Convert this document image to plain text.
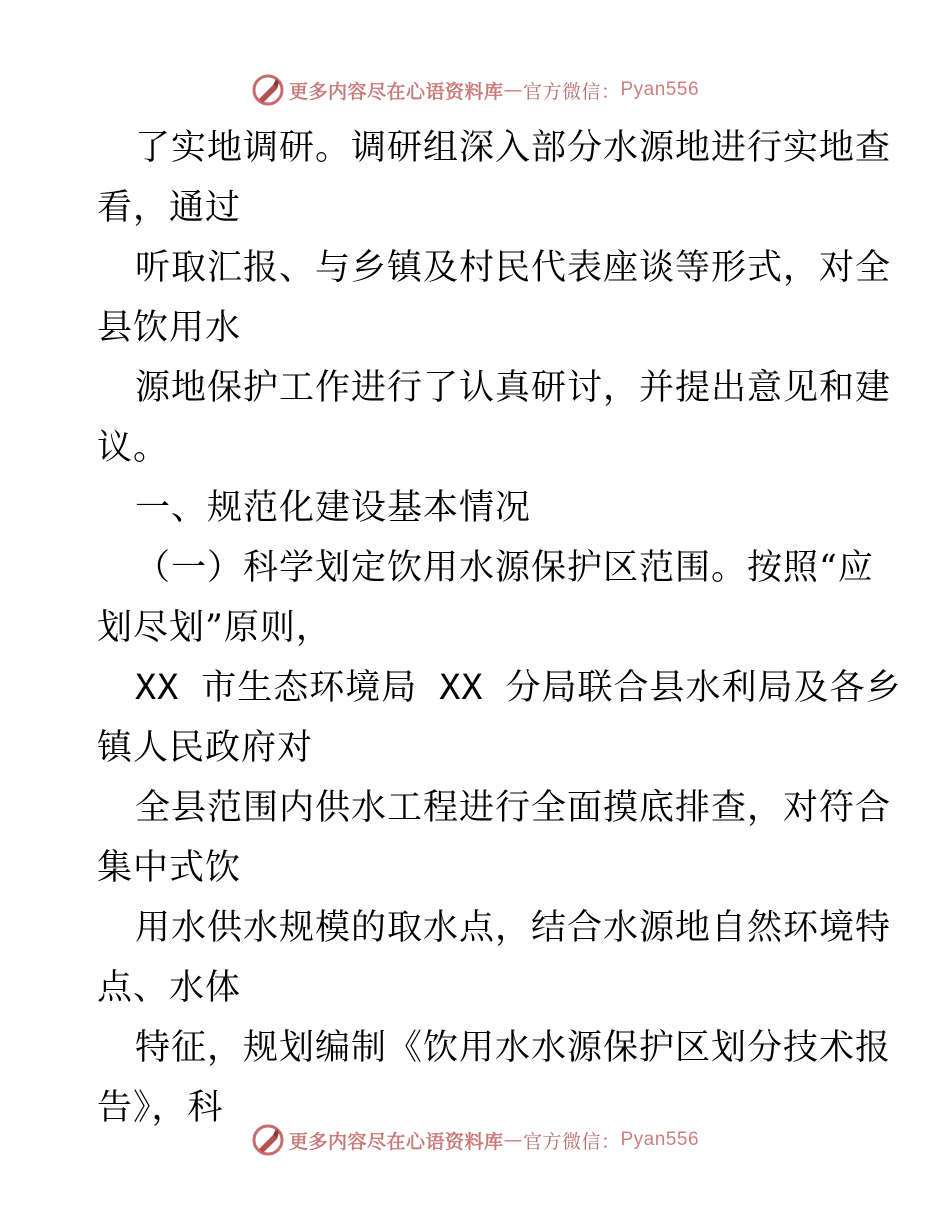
更多内容尽在心语资料库 — 官方微信： Pyan556
了实地调研。调研组深入部分水源地进行实地查
看，通过
听取汇报、与乡镇及村民代表座谈等形式，对全
县饮用水
源地保护工作进行了认真研讨，并提出意见和建
议。
一、规范化建设基本情况
（一）科学划定饮用水源保护区范围。按照“应
划尽划”原则，
XX 市生态环境局 XX 分局联合县水利局及各乡
镇人民政府对
全县范围内供水工程进行全面摸底排查，对符合
集中式饮
用水供水规模的取水点，结合水源地自然环境特
点、水体
特征，规划编制《饮用水水源保护区划分技术报
告》，科
更多内容尽在心语资料库 — 官方微信： Pyan556
